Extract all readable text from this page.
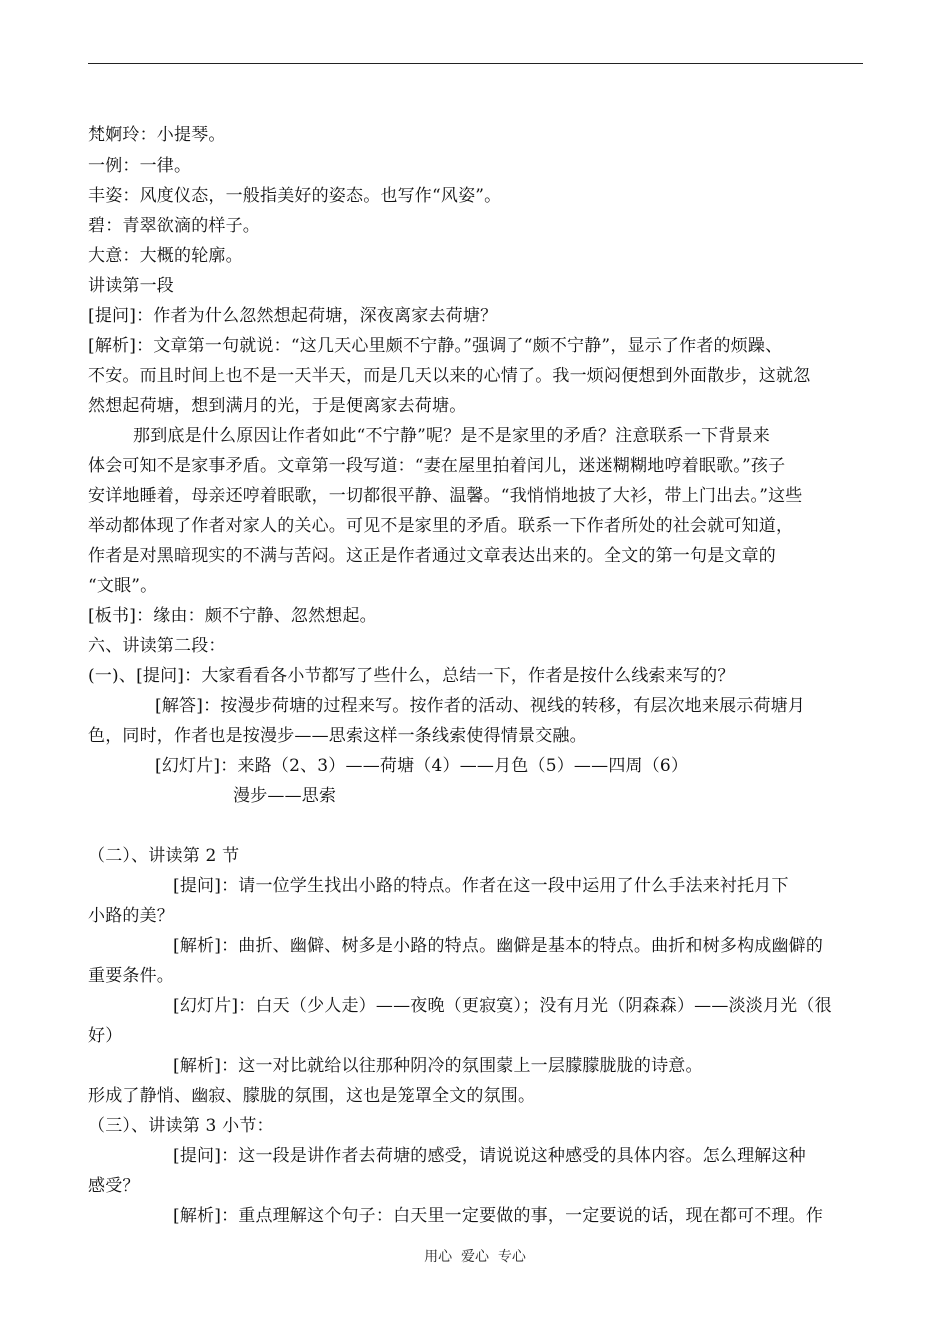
梵婀玲：小提琴。
一例：一律。
丰姿：风度仪态，一般指美好的姿态。也写作“风姿”。
碧：青翠欲滴的样子。
大意：大概的轮廓。
讲读第一段
[提问]：作者为什么忽然想起荷塘，深夜离家去荷塘？
[解析]：文章第一句就说：“这几天心里颇不宁静。”强调了“颇不宁静”，显示了作者的烦躁、
不安。而且时间上也不是一天半天，而是几天以来的心情了。我一烦闷便想到外面散步，这就忽
然想起荷塘，想到满月的光，于是便离家去荷塘。
那到底是什么原因让作者如此“不宁静”呢？是不是家里的矛盾？注意联系一下背景来
体会可知不是家事矛盾。文章第一段写道：“妻在屋里拍着闰儿，迷迷糊糊地哼着眠歌。”孩子
安详地睡着，母亲还哼着眠歌，一切都很平静、温馨。“我悄悄地披了大衫，带上门出去。”这些
举动都体现了作者对家人的关心。可见不是家里的矛盾。联系一下作者所处的社会就可知道，
作者是对黑暗现实的不满与苦闷。这正是作者通过文章表达出来的。全文的第一句是文章的
“文眼”。
[板书]：缘由：颇不宁静、忽然想起。
六、讲读第二段：
(一)、[提问]：大家看看各小节都写了些什么，总结一下，作者是按什么线索来写的？
[解答]：按漫步荷塘的过程来写。按作者的活动、视线的转移，有层次地来展示荷塘月
色，同时，作者也是按漫步——思索这样一条线索使得情景交融。
[幻灯片]：来路（2、3）——荷塘（4）——月色（5）——四周（6）
漫步——思索
（二）、讲读第 2 节
[提问]：请一位学生找出小路的特点。作者在这一段中运用了什么手法来衬托月下
小路的美？
[解析]：曲折、幽僻、树多是小路的特点。幽僻是基本的特点。曲折和树多构成幽僻的
重要条件。
[幻灯片]：白天（少人走）——夜晚（更寂寞）；没有月光（阴森森）——淡淡月光（很
好）
[解析]：这一对比就给以往那种阴冷的氛围蒙上一层朦朦胧胧的诗意。
形成了静悄、幽寂、朦胧的氛围，这也是笼罩全文的氛围。
（三）、讲读第 3 小节：
[提问]：这一段是讲作者去荷塘的感受，请说说这种感受的具体内容。怎么理解这种
感受？
[解析]：重点理解这个句子：白天里一定要做的事，一定要说的话，现在都可不理。作
用心  爱心  专心
